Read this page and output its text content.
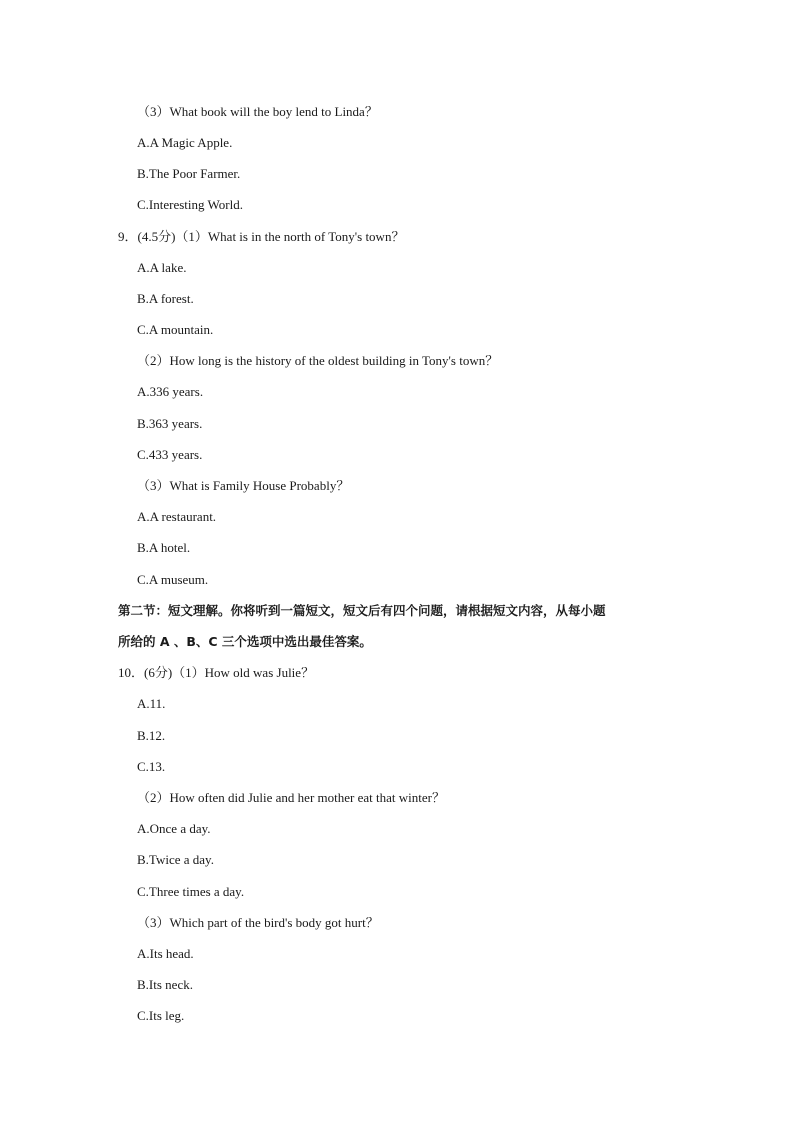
（3）What book will the boy lend to Linda？
A.A Magic Apple.
B.The Poor Farmer.
C.Interesting World.
9．(4.5分)（1）What is in the north of Tony's town？
A.A lake.
B.A forest.
C.A mountain.
（2）How long is the history of the oldest building in Tony's town？
A.336 years.
B.363 years.
C.433 years.
（3）What is Family House Probably？
A.A restaurant.
B.A hotel.
C.A museum.
第二节：短文理解。你将听到一篇短文，短文后有四个问题，请根据短文内容，从每小题
所给的 A 、B、C 三个选项中选出最佳答案。
10．(6分)（1）How old was Julie？
A.11.
B.12.
C.13.
（2）How often did Julie and her mother eat that winter？
A.Once a day.
B.Twice a day.
C.Three times a day.
（3）Which part of the bird's body got hurt？
A.Its head.
B.Its neck.
C.Its leg.
